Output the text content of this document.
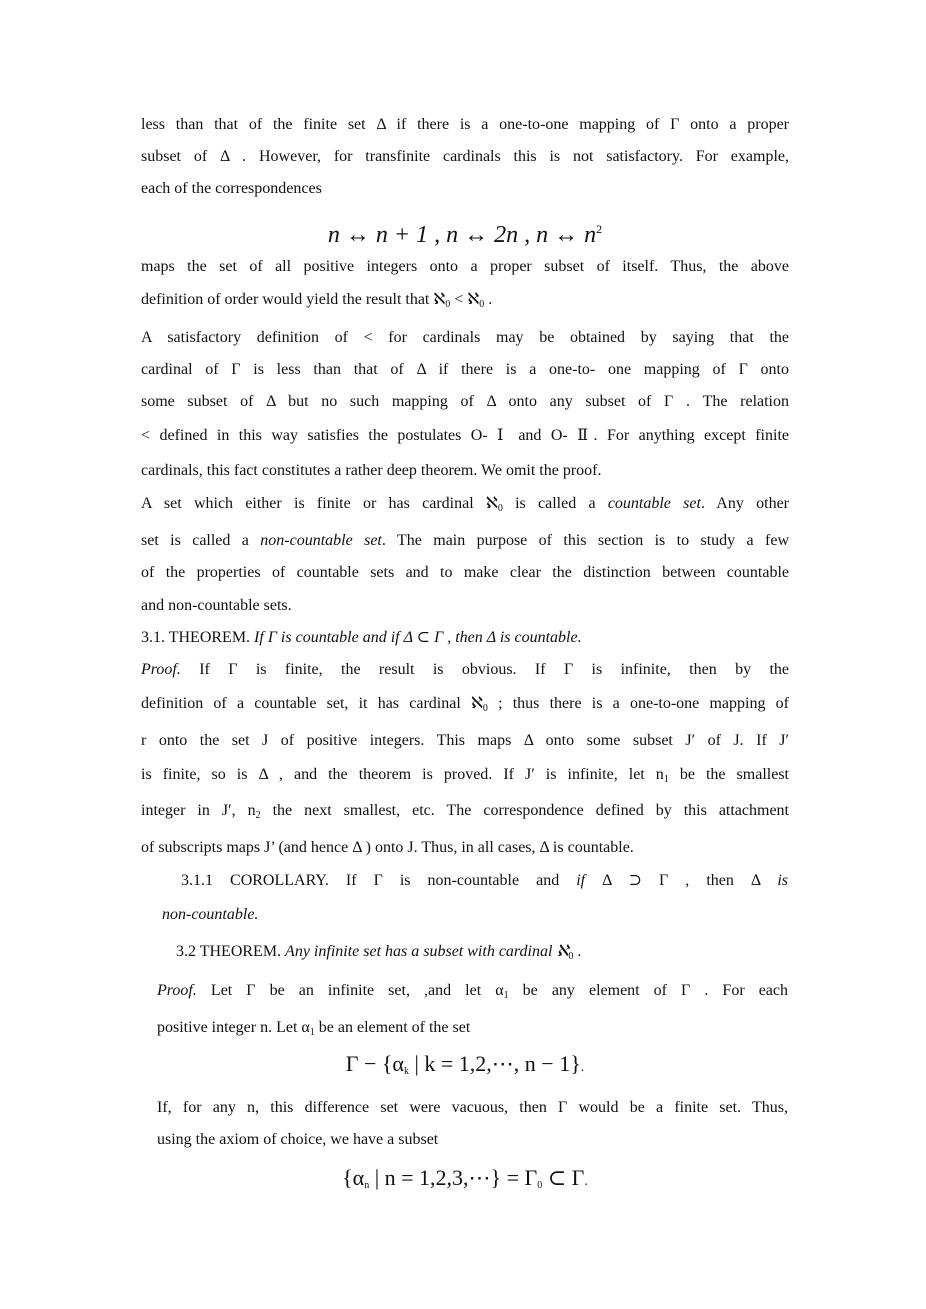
less than that of the finite set Δ if there is a one-to-one mapping of Γ onto a proper
subset of Δ . However, for transfinite cardinals this is not satisfactory. For example,
each of the correspondences
n ↔ n + 1 , n ↔ 2n , n ↔ $n^2$
maps the set of all positive integers onto a proper subset of itself. Thus, the above
definition of order would yield the result that ℵ$_0$ < ℵ$_0$ .
A satisfactory definition of < for cardinals may be obtained by saying that the
cardinal of Γ is less than that of Δ if there is a one-to- one mapping of Γ onto
some subset of Δ but no such mapping of Δ onto any subset of Γ . The relation
< defined in this way satisfies the postulates O- Ⅰ and O- Ⅱ. For anything except finite
cardinals, this fact constitutes a rather deep theorem. We omit the proof.
A set which either is finite or has cardinal ℵ$_0$ is called a countable set. Any other
set is called a non-countable set. The main purpose of this section is to study a few
of the properties of countable sets and to make clear the distinction between countable
and non-countable sets.
3.1. THEOREM. If Γ is countable and if Δ ⊂ Γ , then Δ is countable.
Proof. If Γ is finite, the result is obvious. If Γ is infinite, then by the
definition of a countable set, it has cardinal ℵ$_0$ ; thus there is a one-to-one mapping of
r onto the set J of positive integers. This maps Δ onto some subset J′ of J. If J′
is finite, so is Δ , and the theorem is proved. If J′ is infinite, let $n_1$ be the smallest
integer in J′, $n_2$ the next smallest, etc. The correspondence defined by this attachment
of subscripts maps J’ (and hence Δ ) onto J. Thus, in all cases, Δ is countable.
3.1.1 COROLLARY. If Γ is non-countable and if Δ ⊃ Γ , then Δ is
non-countable.
3.2 THEOREM. Any infinite set has a subset with cardinal ℵ$_0$ .
Proof. Let Γ be an infinite set, ,and let $\alpha_1$ be any element of Γ . For each
positive integer n. Let $\alpha_1$ be an element of the set
$\Gamma - \{\alpha_k$ | k = 1,2,⋯, n − 1}.
If, for any n, this difference set were vacuous, then Γ would be a finite set. Thus,
using the axiom of choice, we have a subset
{$\alpha_n$ | n = 1,2,3,⋯} = $\Gamma_0$ ⊂ Γ.
